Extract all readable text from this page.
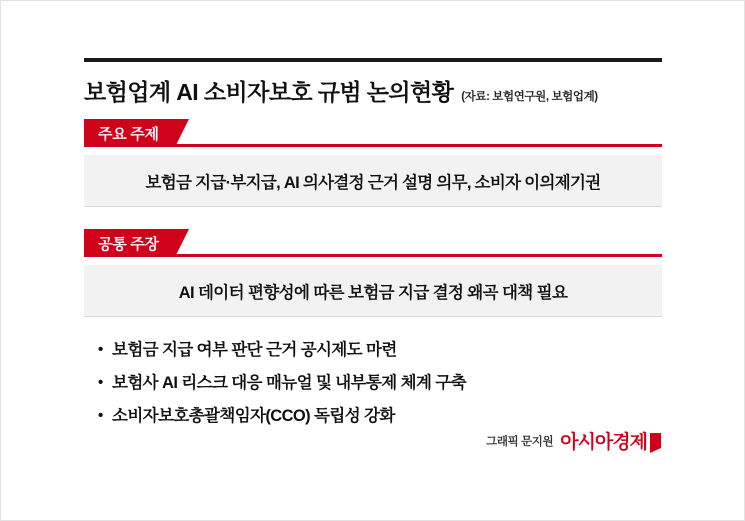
보험업계 AI 소비자보호 규범 논의현황 (자료: 보험연구원, 보험업계)
주요 주제
보험금 지급·부지급, AI 의사결정 근거 설명 의무, 소비자 이의제기권
공통 주장
AI 데이터 편향성에 따른 보험금 지급 결정 왜곡 대책 필요
• 보험금 지급 여부 판단 근거 공시제도 마련
• 보험사 AI 리스크 대응 매뉴얼 및 내부통제 체계 구축
• 소비자보호총괄책임자(CCO) 독립성 강화
그래픽 문지원 아시아경제
